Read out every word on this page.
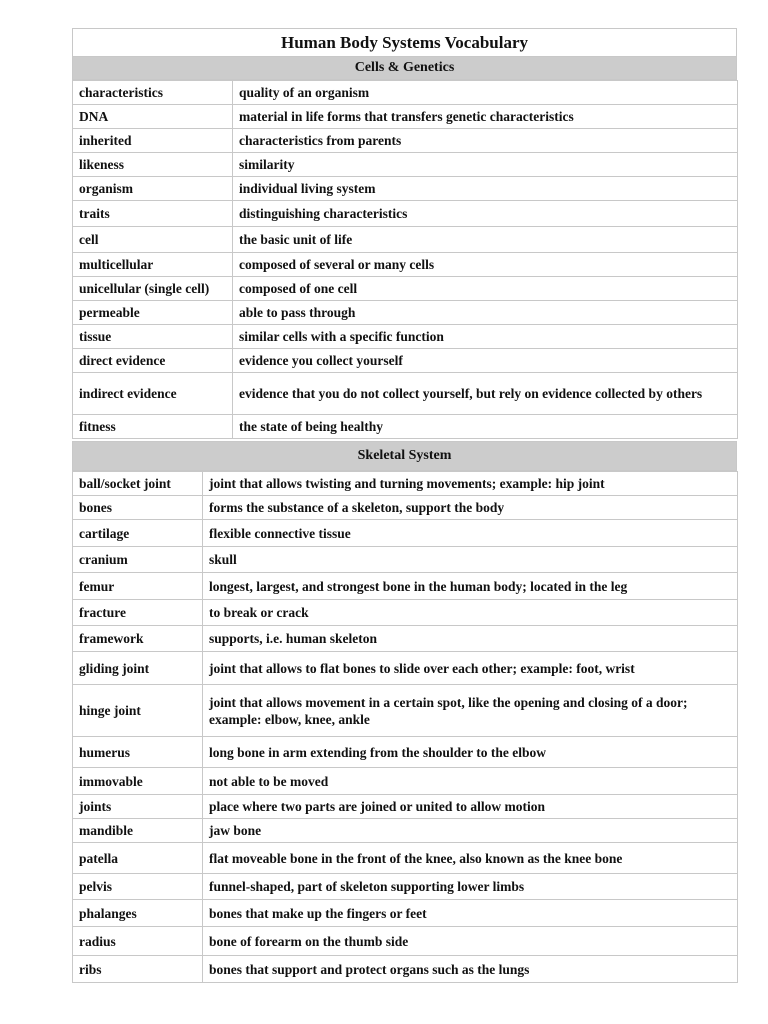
Human Body Systems Vocabulary
Cells & Genetics
characteristics	quality of an organism
DNA	material in life forms that transfers genetic characteristics
inherited	characteristics from parents
likeness	similarity
organism	individual living system
traits	distinguishing characteristics
cell	the basic unit of life
multicellular	composed of several or many cells
unicellular (single cell)	composed of one cell
permeable	able to pass through
tissue	similar cells with a specific function
direct evidence	evidence you collect yourself
indirect evidence	evidence that you do not collect yourself, but rely on evidence collected by others
fitness	the state of being healthy
Skeletal System
ball/socket joint	joint that allows twisting and turning movements; example: hip joint
bones	forms the substance of a skeleton, support the body
cartilage	flexible connective tissue
cranium	skull
femur	longest, largest, and strongest bone in the human body; located in the leg
fracture	to break or crack
framework	supports, i.e. human skeleton
gliding joint	joint that allows to flat bones to slide over each other; example: foot, wrist
hinge joint	joint that allows movement in a certain spot, like the opening and closing of a door; example: elbow, knee, ankle
humerus	long bone in arm extending from the shoulder to the elbow
immovable	not able to be moved
joints	place where two parts are joined or united to allow motion
mandible	jaw bone
patella	flat moveable bone in the front of the knee, also known as the knee bone
pelvis	funnel-shaped, part of skeleton supporting lower limbs
phalanges	bones that make up the fingers or feet
radius	bone of forearm on the thumb side
ribs	bones that support and protect organs such as the lungs
